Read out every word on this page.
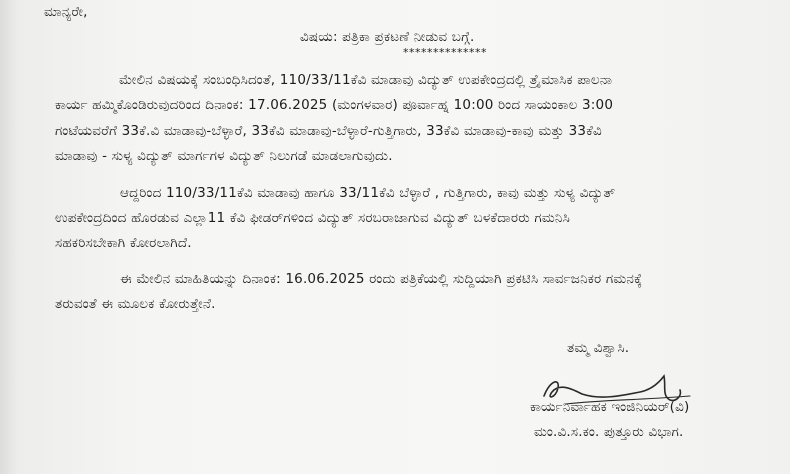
ಮಾನ್ಯರೇ,
ವಿಷಯ: ಪತ್ರಿಕಾ ಪ್ರಕಟಣೆ ನೀಡುವ ಬಗ್ಗೆ.
**************
ಮೇಲಿನ ವಿಷಯಕ್ಕೆ ಸಂಬಂಧಿಸಿದಂತೆ, 110/33/11ಕೆವಿ ಮಾಡಾವು ವಿದ್ಯುತ್ ಉಪಕೇಂದ್ರದಲ್ಲಿ ತ್ರೈಮಾಸಿಕ ಪಾಲನಾ
ಕಾರ್ಯ ಹಮ್ಮಿಕೊಂಡಿರುವುದರಿಂದ ದಿನಾಂಕ: 17.06.2025 (ಮಂಗಳವಾರ) ಪೂರ್ವಾಹ್ನ 10:00 ರಿಂದ ಸಾಯಂಕಾಲ 3:00
ಗಂಟೆಯವರೆಗೆ 33ಕೆ.ವಿ ಮಾಡಾವು-ಬೆಳ್ಳಾರೆ, 33ಕೆವಿ ಮಾಡಾವು-ಬೆಳ್ಳಾರೆ-ಗುತ್ತಿಗಾರು, 33ಕೆವಿ ಮಾಡಾವು-ಕಾವು ಮತ್ತು 33ಕೆವಿ
ಮಾಡಾವು - ಸುಳ್ಯ ವಿದ್ಯುತ್ ಮಾರ್ಗಗಳ ವಿದ್ಯುತ್ ನಿಲುಗಡೆ ಮಾಡಲಾಗುವುದು.
ಆದ್ದರಿಂದ 110/33/11ಕೆವಿ ಮಾಡಾವು ಹಾಗೂ 33/11ಕೆವಿ ಬೆಳ್ಳಾರೆ , ಗುತ್ತಿಗಾರು, ಕಾವು ಮತ್ತು ಸುಳ್ಯ ವಿದ್ಯುತ್
ಉಪಕೇಂದ್ರದಿಂದ ಹೊರಡುವ ಎಲ್ಲಾ11 ಕೆವಿ ಫೀಡರ್‌ಗಳಿಂದ ವಿದ್ಯುತ್ ಸರಬರಾಜಾಗುವ ವಿದ್ಯುತ್ ಬಳಕೆದಾರರು ಗಮನಿಸಿ
ಸಹಕರಿಸಬೇಕಾಗಿ ಕೋರಲಾಗಿದೆ.
ಈ ಮೇಲಿನ ಮಾಹಿತಿಯನ್ನು ದಿನಾಂಕ: 16.06.2025 ರಂದು ಪತ್ರಿಕೆಯಲ್ಲಿ ಸುದ್ದಿಯಾಗಿ ಪ್ರಕಟಿಸಿ ಸಾರ್ವಜನಿಕರ ಗಮನಕ್ಕೆ
ತರುವಂತೆ ಈ ಮೂಲಕ ಕೋರುತ್ತೇನೆ.
ತಮ್ಮ ವಿಶ್ವಾಸಿ.
ಕಾರ್ಯನಿರ್ವಾಹಕ ಇಂಜಿನಿಯರ್(ವಿ)
ಮಂ.ವಿ.ಸ.ಕಂ. ಪುತ್ತೂರು ವಿಭಾಗ.
